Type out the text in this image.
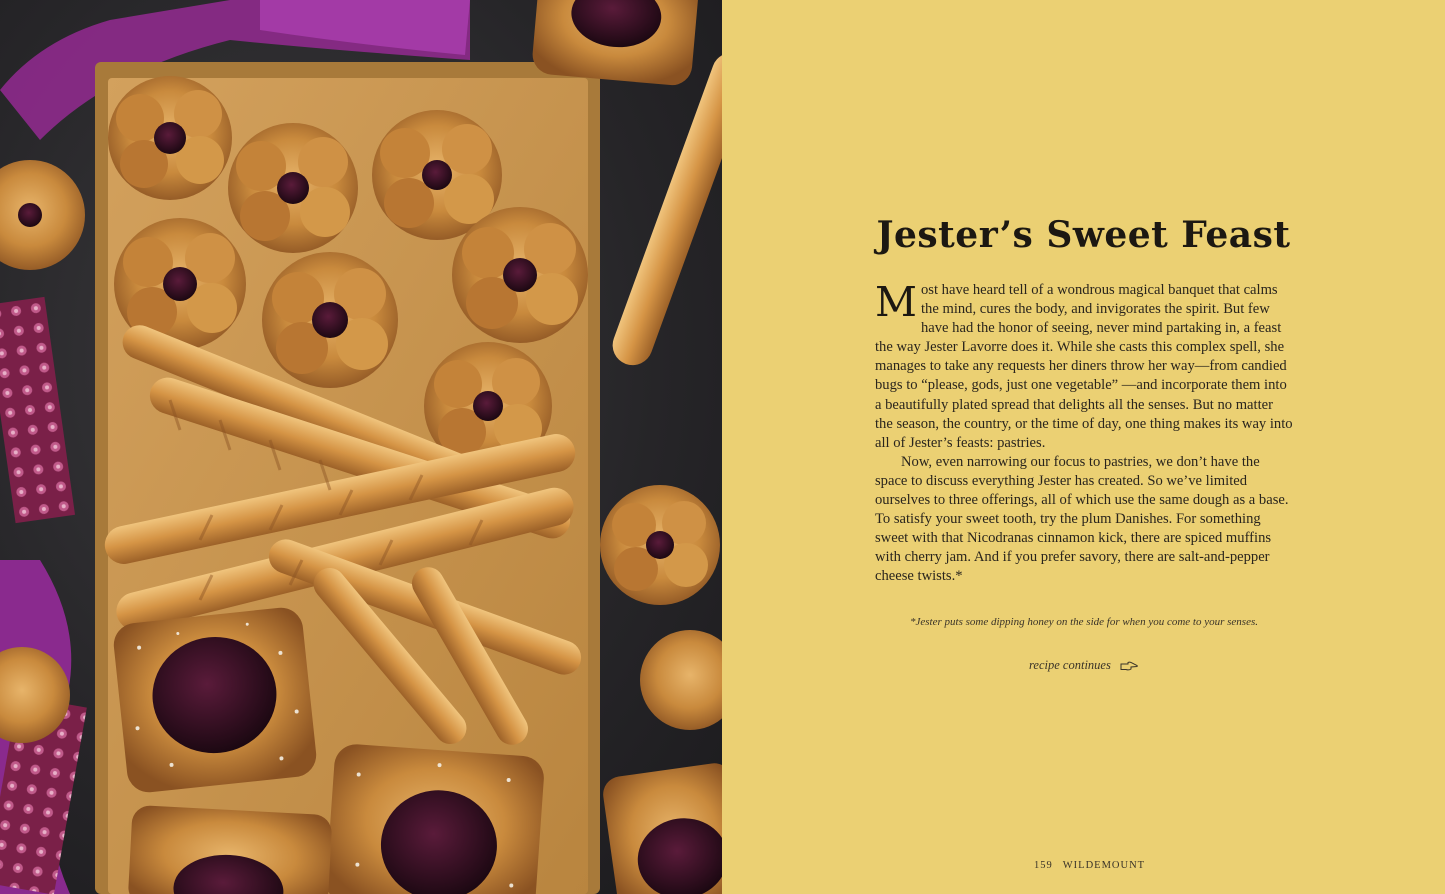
Jester’s Sweet Feast

Most have heard tell of a wondrous magical banquet that calms the mind, cures the body, and invigorates the spirit. But few have had the honor of seeing, never mind partaking in, a feast the way Jester Lavorre does it. While she casts this complex spell, she manages to take any requests her diners throw her way—from candied bugs to “please, gods, just one vegetable” —and incorporate them into a beautifully plated spread that delights all the senses. But no matter the season, the country, or the time of day, one thing makes its way into all of Jester’s feasts: pastries.

Now, even narrowing our focus to pastries, we don’t have the space to discuss everything Jester has created. So we’ve limited ourselves to three offerings, all of which use the same dough as a base. To satisfy your sweet tooth, try the plum Danishes. For something sweet with that Nicodranas cinnamon kick, there are spiced muffins with cherry jam. And if you prefer savory, there are salt-and-pepper cheese twists.*

*Jester puts some dipping honey on the side for when you come to your senses.

recipe continues
159 WILDEMOUNT
